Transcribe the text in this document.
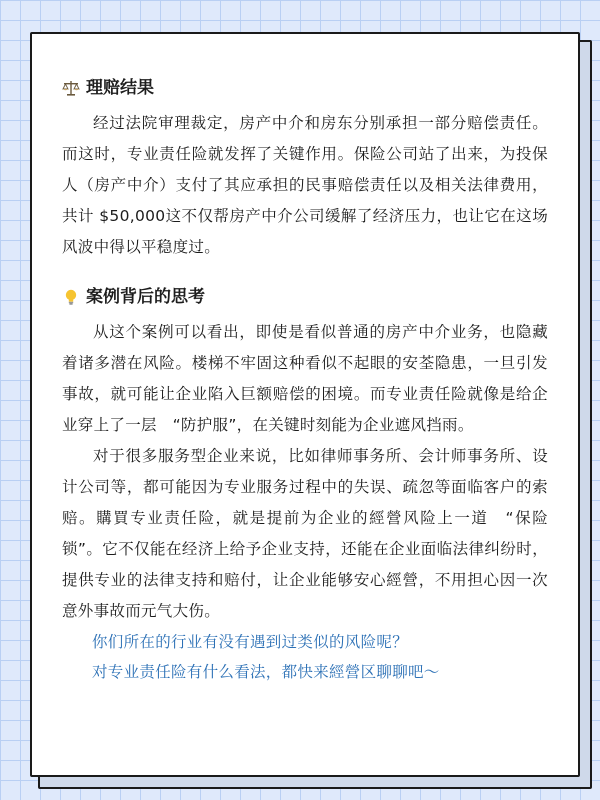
理赔结果

经过法院审理裁定，房产中介和房东分别承担一部分赔偿责任。而这时，专业责任险就发挥了关键作用。保险公司站了出来，为投保人（房产中介）支付了其应承担的民事赔偿责任以及相关法律费用，共计 $50,000这不仅帮房产中介公司缓解了经济压力，也让它在这场风波中得以平稳度过。

案例背后的思考

从这个案例可以看出，即使是看似普通的房产中介业务，也隐藏着诸多潜在风险。楼梯不牢固这种看似不起眼的安荃隐患，一旦引发事故，就可能让企业陷入巨额赔偿的困境。而专业责任险就像是给企业穿上了一层　“防护服”，在关键时刻能为企业遮风挡雨。

对于很多服务型企业来说，比如律师事务所、会计师事务所、设计公司等，都可能因为专业服务过程中的失误、疏忽等面临客户的索赔。購買专业责任险，就是提前为企业的經營风险上一道　“保险锁”。它不仅能在经济上给予企业支持，还能在企业面临法律纠纷时，提供专业的法律支持和赔付，让企业能够安心經營，不用担心因一次意外事故而元气大伤。

你们所在的行业有没有遇到过类似的风险呢？

对专业责任险有什么看法，都快来經營区聊聊吧〜
